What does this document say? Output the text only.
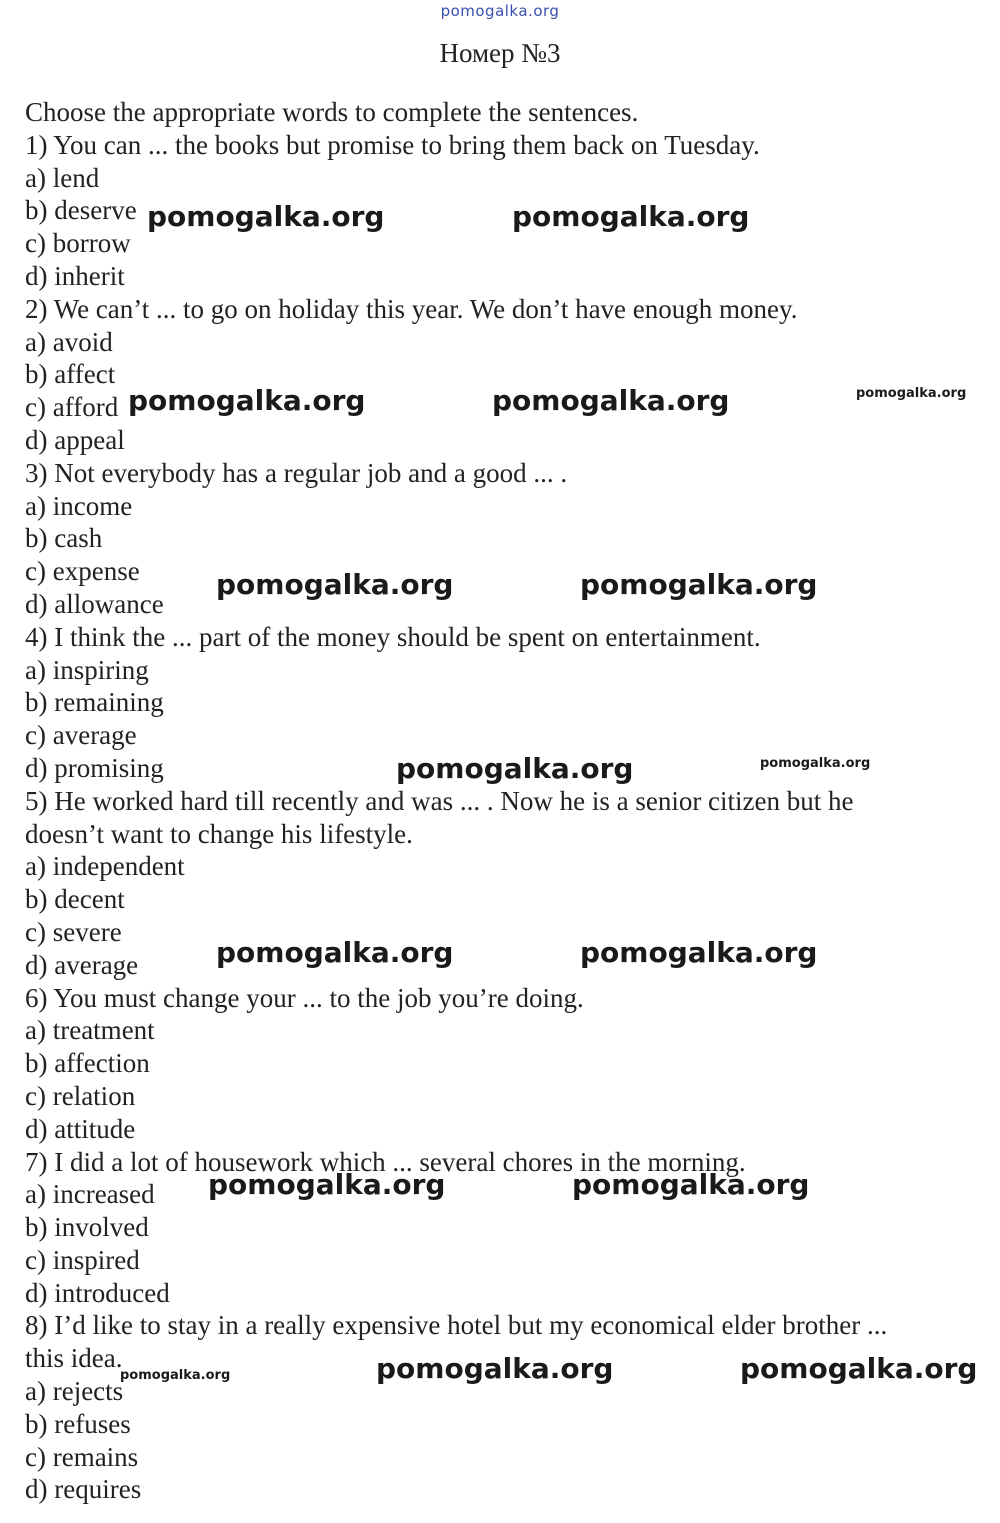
pomogalka.org
Номер №3
Choose the appropriate words to complete the sentences.
1) You can ... the books but promise to bring them back on Tuesday.
a) lend
b) deserve
c) borrow
d) inherit
2) We can’t ... to go on holiday this year. We don’t have enough money.
a) avoid
b) affect
c) afford
d) appeal
3) Not everybody has a regular job and a good ... .
a) income
b) cash
c) expense
d) allowance
4) I think the ... part of the money should be spent on entertainment.
a) inspiring
b) remaining
c) average
d) promising
5) He worked hard till recently and was ... . Now he is a senior citizen but he
doesn’t want to change his lifestyle.
a) independent
b) decent
c) severe
d) average
6) You must change your ... to the job you’re doing.
a) treatment
b) affection
c) relation
d) attitude
7) I did a lot of housework which ... several chores in the morning.
a) increased
b) involved
c) inspired
d) introduced
8) I’d like to stay in a really expensive hotel but my economical elder brother ...
this idea.
a) rejects
b) refuses
c) remains
d) requires
pomogalka.org	pomogalka.org
pomogalka.org	pomogalka.org	pomogalka.org
pomogalka.org	pomogalka.org
pomogalka.org	pomogalka.org
pomogalka.org	pomogalka.org
pomogalka.org	pomogalka.org
pomogalka.org	pomogalka.org
pomogalka.org
